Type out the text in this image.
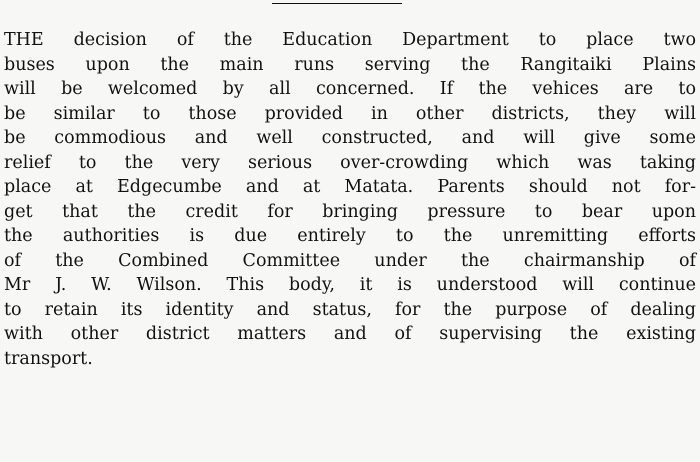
THE decision of the Education Department to place two
buses upon the main runs serving the Rangitaiki Plains
will be welcomed by all concerned. If the vehices are to
be similar to those provided in other districts, they will
be commodious and well constructed, and will give some
relief to the very serious over-crowding which was taking
place at Edgecumbe and at Matata. Parents should not for-
get that the credit for bringing pressure to bear upon
the authorities is due entirely to the unremitting efforts
of the Combined Committee under the chairmanship of
Mr J. W. Wilson. This body, it is understood will continue
to retain its identity and status, for the purpose of dealing
with other district matters and of supervising the existing
transport.
